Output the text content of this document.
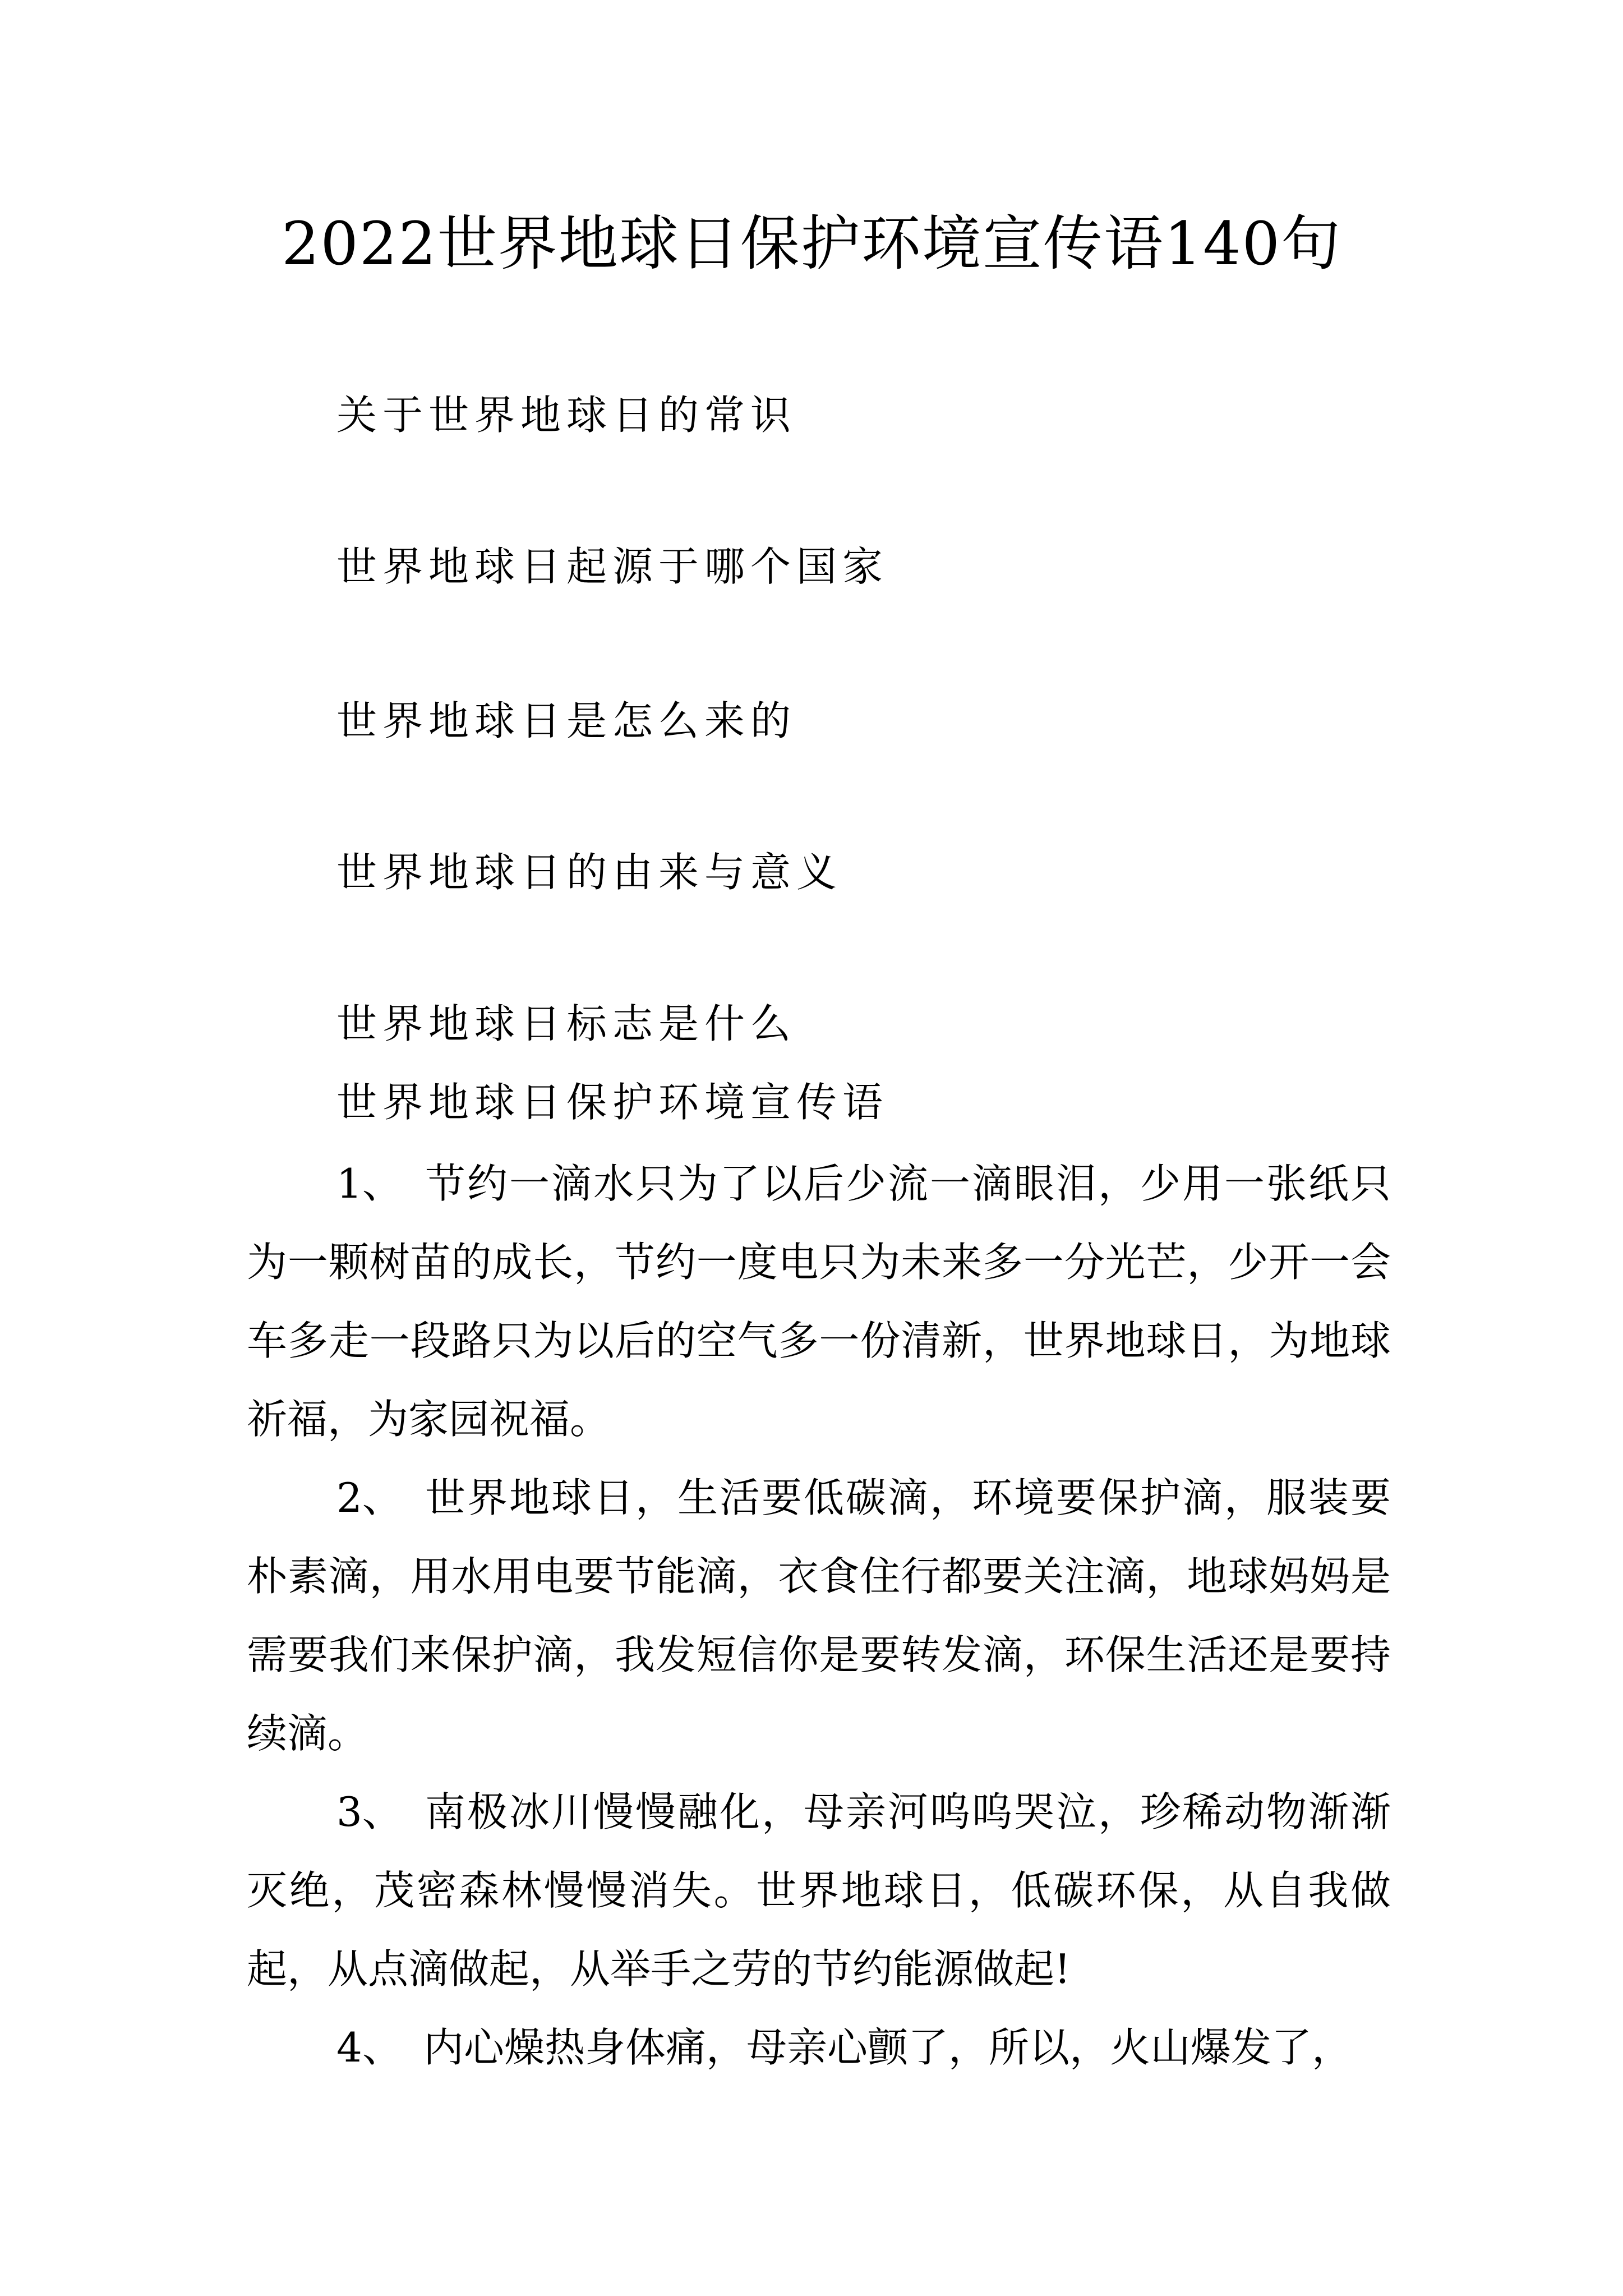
2022世界地球日保护环境宣传语140句
关于世界地球日的常识
世界地球日起源于哪个国家
世界地球日是怎么来的
世界地球日的由来与意义
世界地球日标志是什么
世界地球日保护环境宣传语
1、 节约一滴水只为了以后少流一滴眼泪，少用一张纸只为一颗树苗的成长，节约一度电只为未来多一分光芒，少开一会车多走一段路只为以后的空气多一份清新，世界地球日，为地球祈福，为家园祝福。
2、 世界地球日，生活要低碳滴，环境要保护滴，服装要朴素滴，用水用电要节能滴，衣食住行都要关注滴，地球妈妈是需要我们来保护滴，我发短信你是要转发滴，环保生活还是要持续滴。
3、 南极冰川慢慢融化，母亲河呜呜哭泣，珍稀动物渐渐灭绝，茂密森林慢慢消失。世界地球日，低碳环保，从自我做起，从点滴做起，从举手之劳的节约能源做起!
4、 内心燥热身体痛，母亲心颤了，所以，火山爆发了，
